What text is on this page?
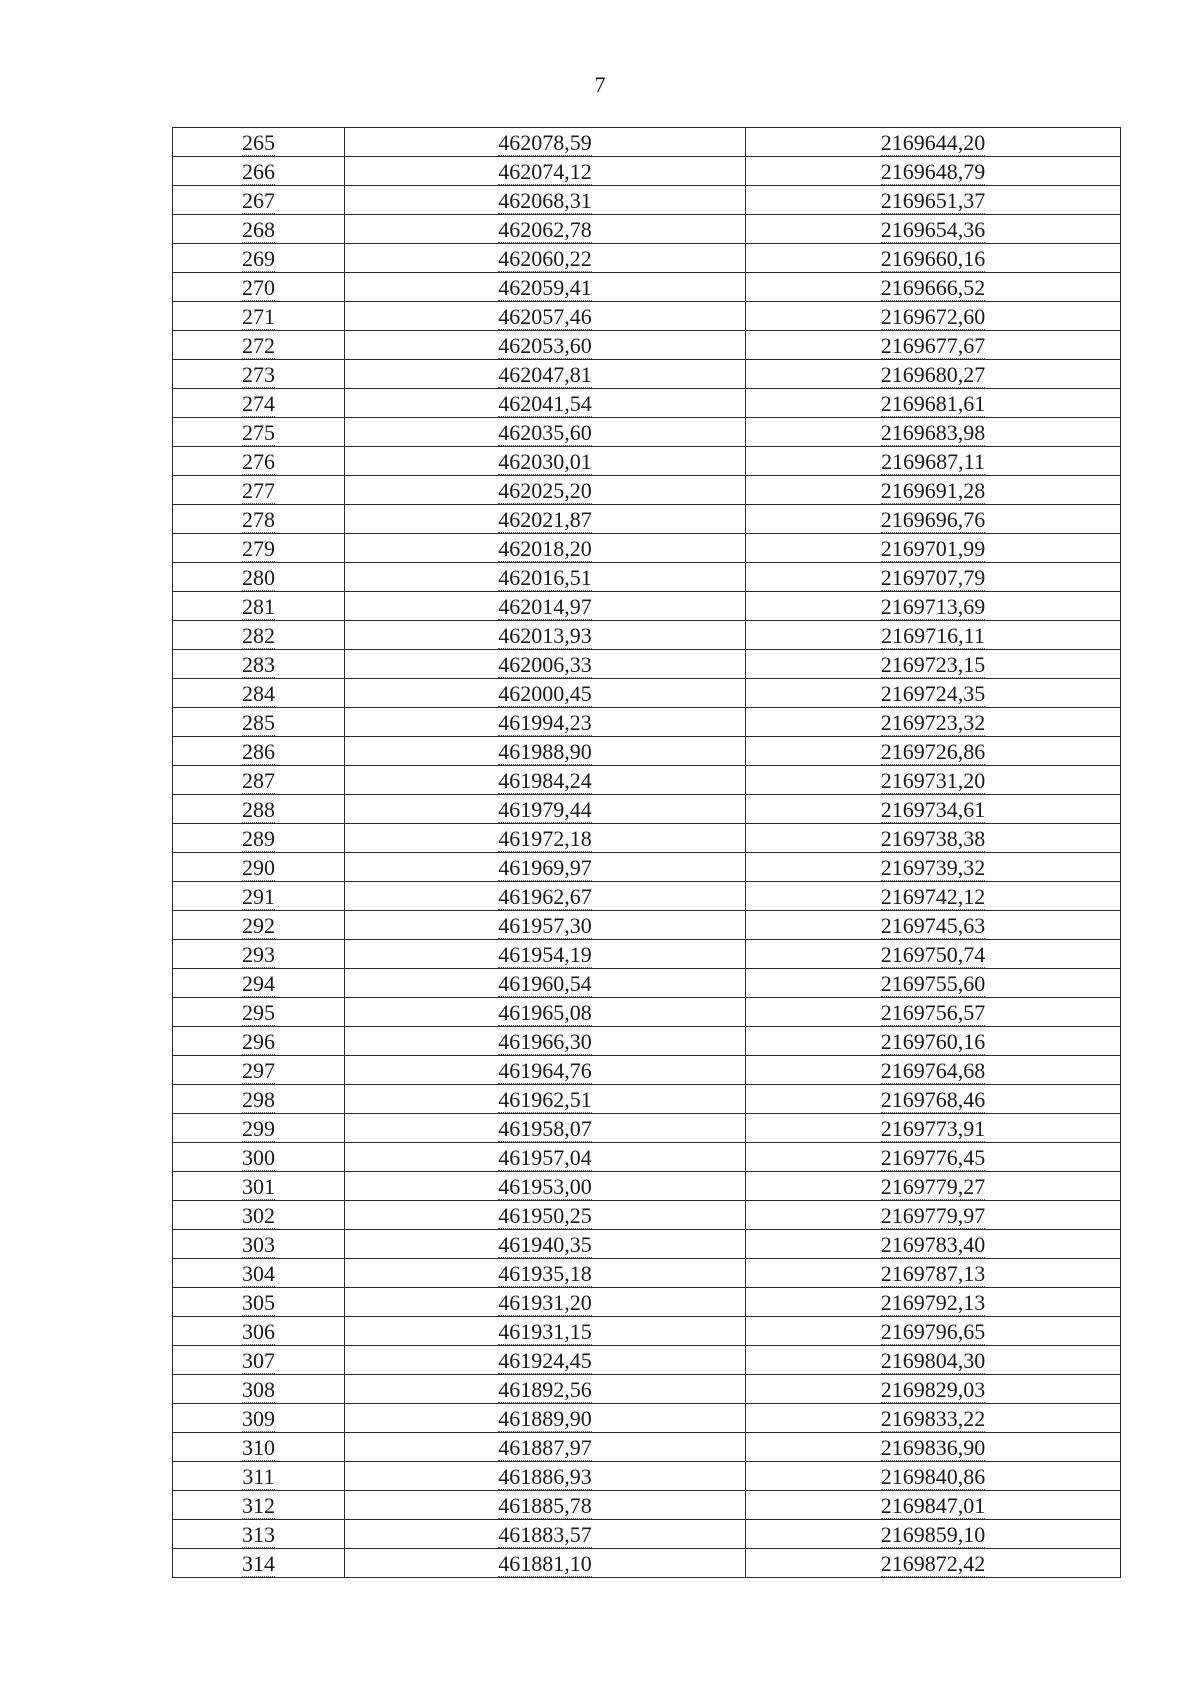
7
265	462078,59	2169644,20
266	462074,12	2169648,79
267	462068,31	2169651,37
268	462062,78	2169654,36
269	462060,22	2169660,16
270	462059,41	2169666,52
271	462057,46	2169672,60
272	462053,60	2169677,67
273	462047,81	2169680,27
274	462041,54	2169681,61
275	462035,60	2169683,98
276	462030,01	2169687,11
277	462025,20	2169691,28
278	462021,87	2169696,76
279	462018,20	2169701,99
280	462016,51	2169707,79
281	462014,97	2169713,69
282	462013,93	2169716,11
283	462006,33	2169723,15
284	462000,45	2169724,35
285	461994,23	2169723,32
286	461988,90	2169726,86
287	461984,24	2169731,20
288	461979,44	2169734,61
289	461972,18	2169738,38
290	461969,97	2169739,32
291	461962,67	2169742,12
292	461957,30	2169745,63
293	461954,19	2169750,74
294	461960,54	2169755,60
295	461965,08	2169756,57
296	461966,30	2169760,16
297	461964,76	2169764,68
298	461962,51	2169768,46
299	461958,07	2169773,91
300	461957,04	2169776,45
301	461953,00	2169779,27
302	461950,25	2169779,97
303	461940,35	2169783,40
304	461935,18	2169787,13
305	461931,20	2169792,13
306	461931,15	2169796,65
307	461924,45	2169804,30
308	461892,56	2169829,03
309	461889,90	2169833,22
310	461887,97	2169836,90
311	461886,93	2169840,86
312	461885,78	2169847,01
313	461883,57	2169859,10
314	461881,10	2169872,42
